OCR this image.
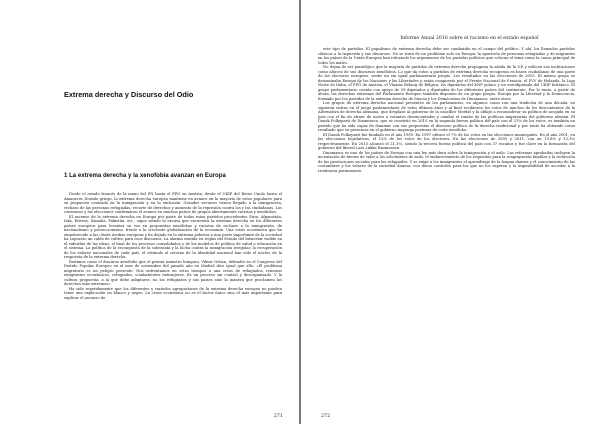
Extrema derecha y Discurso del Odio
1 La extrema derecha y la xenofobia avanzan en Europa

Desde el estado francés de la mano del FN hasta el FPÖ en Austria, desde el UKIP del Reino Unido hasta el Amanecer Dorado griego, la extrema derecha europea mantiene en avance en la mayoría de estos populares para su propuesta centrada en la inmigración y en la exclusión. Grandes sectores tienen llegado a la inmigración, rechazo de las personas refugiadas, recorte de derechos y aumento de la represión contra los y las ciudadanos. Los consensos y las elecciones confirmaron el avance en muchos países de grupos abiertamente racistas y xenófobos.

El ascenso de la extrema derecha en Europa por parte de todas estas partidos procedentes Siria, Afganistán, Irak, Eritrea, Somalia, Pakistán, etc., sigue siendo la excusa que encuentra la extrema derecha en los diferentes países europeos para levantar su voz en propuestas xenófobas y racistas de rechazo a la inmigración, de nacionalismo y proteccionismo, frente a la creciente globalización de la economía. Una crisis económica que ha empobrecido a las clases medias europeas y ha dejado en la extrema pobreza a una parte importante de la sociedad ha supuesto un caldo de cultivo para esos discursos. La alarma sentida en reglas del Estado del bienestar visible en el suburbio de las ideas, el final de los procesos consolidados y de los modelos de política de salud o educación en el sistema. La política de la reconquista de la soberanía y la lucha contra la inmigración irregular, la recuperación de los valores nacionales de cada país, el estímulo al retorno de la identidad nacional han sido el núcleo de la respuesta de la extrema derecha.

Partimos como el discurso xenófobo que el primer ministro húngaro, Viktor Orban, defendió en el Congreso del Partido Popular Europeo en el mes de noviembre del pasado año en Madrid dice igual que ello: «El problema migratorio es un peligro presente. Nos enfrentamos en estos tiempos a una crisis de refugiados, tenemos emigrantes económicos, refugiados, combatientes extranjeros. Es un proceso sin control y desorganizado. Y la cultura propuesta, a la que debe adaptarse, no los refugiados y sus países sino la manera que proclamen los derechos más extremos».

Ha sido repetidamente que los diferentes y variados agrupaciones de la extrema derecha europea no pueden tener una explicación en blanco y negro. La crisis económica no es el factor único sino el más importante para explicar el ascenso de

271
Informe Anual 2016 sobre el racismo en el estado español

este tipo de partidos. El populismo de extrema derecha debe ser combatido en el campo del político. Y ahí, los llamados partidos clásicos a la izquierda y sus discursos. No se trata de un problema solo en Europa: la aparición de personas refugiadas y de migrantes en los países de la Unión Europea han reforzado los argumentos de los partidos políticos que colocan el tema como la causa principal de todos los males.

No dejan de ser paradójico que la mayoría de partidos de extrema derecha propugnan la salida de la UE y utilicen sus instituciones como altavoz de sus discursos xenófobos. Lo que da votos a partidos de extrema derecha recuperan en bases ciudadanas de una parte de los electores europeos, sentir un sin igual parlamentario propio. Los resultados en las elecciones de 2015. El mismo grupo se denominaba Europa de las Naciones y las Libertades y están compuesto por el Frente Nacional de Francia, el PVV de Holanda, la Liga Norte de Italia, el FPÖ de Austria, el Vlaams Belang de Bélgica, los diputados del KNP polaco y un eurodiputado del UKIP británico. El grupo parlamentario cuenta con apoyo de 39 diputados y diputadas de los diferentes países del continente. Por lo tanto, a partir de ahora, las derechas extremas del Parlamento Europeo también disponen de un grupo propio. Europa por la Libertad y la Democracia, formado por los partidos de la extrema derecha de Suecia y los Demócratas de Dinamarca, entre otros.

Los grupos de extrema derecha nacional presentes en los parlamentos, en algunos casos con una tradición de una década, no supieron entrar en el juego parlamentario de estos últimos años y al final recibieron los votos de muchos de los descontentos de la Alternativa de derecha alemana, que desplazó al gobierno de la canciller Merkel y la obligó a reconsiderar su política de acogida en su país con el fin de atraer de nuevo a votantes desencantados y cambió el rumbo de las políticas migratorias del gobierno alemán. El Dansk Folkeparti de Dinamarca, que se convirtió en 2015 en la segunda fuerza política del país con el 21% de los votos, es también un partido que ha sido capaz de dominar con sus propuestas el discurso político de la derecha tradicional y por tanto ha obtenido como resultado que su presencia en el gobierno imponga posturas de corte xenófobo.

El Dansk Folkeparti fue fundado en el año 1995. En 1997 obtuvo el 7% de los votos en las elecciones municipales. En el año 2001, en las elecciones legislativas, el 12% de los votos de los electores. En las elecciones de 2005 y 2011, con un 13,8% y 12,3% respectivamente. En 2015 alcanzó el 21,1%, siendo la tercera fuerza política del país con 37 escaños y fue clave en la formación del gobierno del liberal Lars Løkke Rasmussen.

Dinamarca es uno de los países de Europa con una ley más dura sobre la inmigración y el asilo. Las reformas aprobadas incluyen la incautación de bienes de valor a los solicitantes de asilo, el endurecimiento de los requisitos para la reagrupación familiar y la reducción de las prestaciones sociales para los refugiados. Y se exige a los inmigrantes el aprendizaje de la lengua danesa y el conocimiento de las costumbres y los valores de la sociedad danesa, con duros controles para los que no los superen y la imposibilidad de acceder a la residencia permanente.

272
